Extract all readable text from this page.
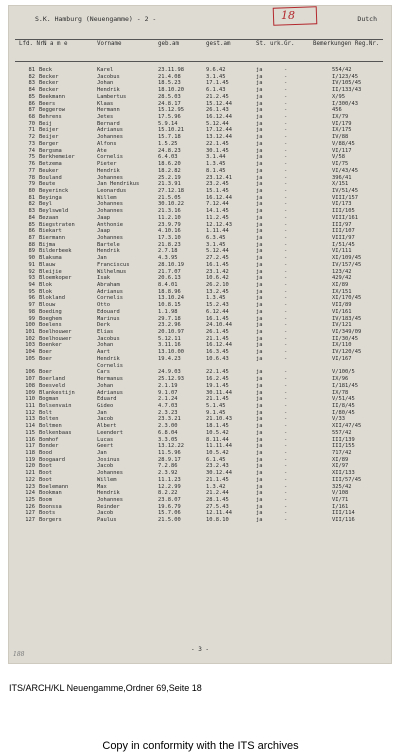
18
S.K. Hamburg (Neuengamme) - 2 -	Dutch
Lfd. Nr.
N a m e	Vorname	geb.am	gest.am	St. urk. Gr.	Bemerkungen Reg.Nr.
81 Beck	Karel	23.11.98	9.6.42	ja	-	554/42
82 Becker	Jacobus	21.4.08	3.1.45	ja	-	I/123/45
83 Becker	Johan	18.5.23	17.1.45	ja	-	IV/105/45
84 Becker	Hendrik	18.10.20	6.1.43	ja	-	II/133/43
85 Beekmann	Lambertus	28.5.03	21.2.45	ja	-	X/95
86 Beers	Klaas	24.8.17	15.12.44	ja	-	I/300/43
87 Beggerow	Hermann	15.12.95	26.1.43	ja	-	456
68 Behrens	Jetes	17.5.96	16.12.44	ja	-	IX/79
70 Beij	Bernard	5.9.14	5.12.44	ja	-	VI/179
71 Beijer	Adrianus	15.10.21	17.12.44	ja	-	IX/175
72 Beijer	Johannes	15.7.18	13.12.44	ja	-	IV/88
73 Berger	Alfons	1.5.25	22.1.45	ja	-	V/88/45
74 Bergsma	Ate	24.8.23	30.1.45	ja	-	VI/117
75 Berkhemeier	Cornelis	6.4.03	3.1.44	ja	-	V/58
76 Betzema	Pieter	18.6.20	1.3.45	ja	-	VI/75
77 Beuker	Hendrik	18.2.82	8.1.45	ja	-	VI/43/45
78 Bouland	Johannes	25.2.19	23.12.41	ja	-	396/41
79 Beute	Jan Hendrikus	21.3.91	23.2.45	ja	-	X/151
80 Beyerinck	Leonardus	27.12.18	15.1.45	ja	-	IV/51/45
81 Beyinga	Willem	21.5.05	16.12.44	ja	-	VIII/157
82 Beyl	Johannes	30.10.22	7.12.44	ja	-	VI/173
83 Beylsweld	Johannes	21.3.16	14.1.45	ja	-	III/105
84 Bezaan	Jaap	11.2.10	11.2.45	ja	-	VIII/161
85 Biegstraten	Anthonie	23.9.79	12.12.43	ja	-	III/97
86 Biekart	Jaap	4.10.16	1.11.44	ja	-	III/107
87 Biermann	Johannes	17.3.10	6.3.45	ja	-	VIII/97
88 Bijma	Bartele	21.8.23	3.1.45	ja	-	I/51/45
89 Bilderbeek	Hendrik	2.7.18	5.12.44	ja	-	VI/111
90 Blaksma	Jan	4.3.95	27.2.45	ja	-	XI/109/45
91 Blauw	Franciscus	28.10.19	16.1.45	ja	-	IV/157/45
92 Bleijie	Wilhelmus	21.7.07	23.1.42	ja	-	123/42
93 Bloemkoper	Isak	20.6.13	10.6.42	ja	-	429/42
94 Blok	Abraham	8.4.01	26.2.10	ja	-	XI/89
95 Blok	Adrianus	18.8.96	13.2.45	ja	-	IX/151
96 Blokland	Cornelis	13.10.24	1.3.45	ja	-	XI/170/45
97 Blouw	Otto	10.8.15	15.2.43	ja	-	VII/89
98 Boeding	Edouard	1.1.98	6.12.44	ja	-	VI/161
99 Boeghem	Marinus	29.7.18	16.1.45	ja	-	IV/183/45
100 Boelens	Derk	23.2.96	24.10.44	ja	-	IV/121
101 Boelhouwer	Elias	20.10.97	26.1.45	ja	-	VI/349/09
102 Boelhouwer	Jacobus	5.12.11	21.1.45	ja	-	II/30/45
103 Boenker	Johan	3.11.16	16.12.44	ja	-	IX/110
104 Boer	Aart	13.10.00	16.3.45	ja	-	IV/120/45
105 Boer	Hendrik	19.4.23	10.6.43	ja	-	VI/167
Cornelis
106 Boer	Cars	24.9.03	22.1.45	ja	-	V/100/5
107 Boerland	Hermanus	25.12.93	16.2.45	ja	-	IX/96
108 Boesveld	Johan	2.1.19	19.1.45	ja	-	I/181/45
109 Blankestijn	Adrianus	9.1.07	30.11.44	ja	-	IX/78
110 Bogman	Eduard	2.1.24	21.1.45	ja	-	V/51/45
111 Bolsenvain	Gideo	4.7.03	5.1.45	ja	-	II/8/45
112 Bolt	Jan	2.3.23	9.1.45	ja	-	I/80/45
113 Bolten	Jacob	23.3.21	21.10.43	ja	-	V/33
114 Boltmen	Albert	2.3.00	18.1.45	ja	-	XII/47/45
115 Bolkenbaas	Leendert	6.8.04	10.5.42	ja	-	557/42
116 Bomhof	Lucas	3.3.05	8.11.44	ja	-	III/139
117 Bonder	Geert	13.12.22	11.11.44	ja	-	III/155
118 Bood	Jan	11.5.96	10.5.42	ja	-	717/42
119 Boogaard	Josinus	28.9.17	6.1.45	ja	-	XI/89
120 Boot	Jacob	7.2.86	23.2.43	ja	-	XI/97
121 Boot	Johannes	2.3.92	30.12.44	ja	-	XII/133
122 Boot	Willem	11.1.23	21.1.45	ja	-	III/57/45
123 Boelemann	Max	12.2.99	1.3.42	ja	-	325/42
124 Bookman	Hendrik	8.2.22	21.2.44	ja	-	V/108
125 Boom	Johannes	23.8.07	28.1.45	ja	-	VI/71
126 Boonssa	Reinder	19.6.79	27.5.43	ja	-	I/161
127 Boots	Jacob	15.7.06	12.11.44	ja	-	III/114
127 Borgers	Paulus	21.5.00	10.8.10	ja	-	VII/116
- 3 -
188
ITS/ARCH/KL Neuengamme,Ordner 69,Seite 18
Copy in conformity with the ITS archives
